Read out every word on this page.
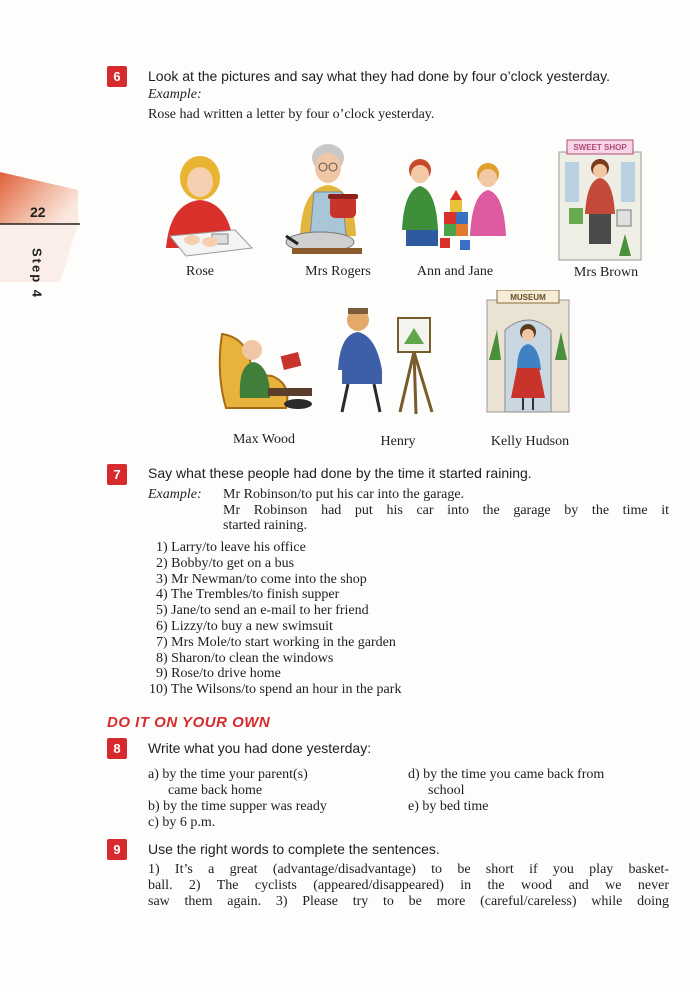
22
Step 4
6	Look at the pictures and say what they had done by four o’clock yesterday.
Example:
Rose had written a letter by four o’clock yesterday.
Rose	Mrs Rogers	Ann and Jane
SWEET SHOP
Mrs Brown
Max Wood	Henry
MUSEUM
Kelly Hudson
7	Say what these people had done by the time it started raining.
Example: Mr Robinson/to put his car into the garage.
Mr Robinson had put his car into the garage by the time it
started raining.
1) Larry/to leave his office
2) Bobby/to get on a bus
3) Mr Newman/to come into the shop
4) The Trembles/to finish supper
5) Jane/to send an e-mail to her friend
6) Lizzy/to buy a new swimsuit
7) Mrs Mole/to start working in the garden
8) Sharon/to clean the windows
9) Rose/to drive home
10) The Wilsons/to spend an hour in the park
DO IT ON YOUR OWN
8	Write what you had done yesterday:
a) by the time your parent(s)
came back home
b) by the time supper was ready
c) by 6 p.m.
d) by the time you came back from
school
e) by bed time
9	Use the right words to complete the sentences.
1) It’s a great (advantage/disadvantage) to be short if you play basket-
ball. 2) The cyclists (appeared/disappeared) in the wood and we never
saw them again. 3) Please try to be more (careful/careless) while doing
